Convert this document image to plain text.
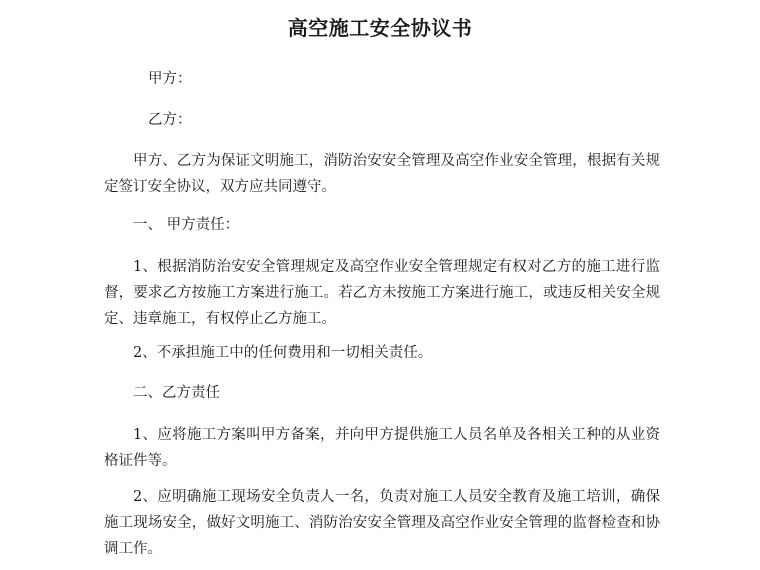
高空施工安全协议书

甲方：

乙方：

甲方、乙方为保证文明施工，消防治安安全管理及高空作业安全管理，根据有关规定签订安全协议，双方应共同遵守。

一、 甲方责任：

1、根据消防治安安全管理规定及高空作业安全管理规定有权对乙方的施工进行监督，要求乙方按施工方案进行施工。若乙方未按施工方案进行施工，或违反相关安全规定、违章施工，有权停止乙方施工。

2、不承担施工中的任何费用和一切相关责任。

二、乙方责任

1、应将施工方案叫甲方备案，并向甲方提供施工人员名单及各相关工种的从业资格证件等。

2、应明确施工现场安全负责人一名，负责对施工人员安全教育及施工培训，确保施工现场安全，做好文明施工、消防治安安全管理及高空作业安全管理的监督检查和协调工作。
